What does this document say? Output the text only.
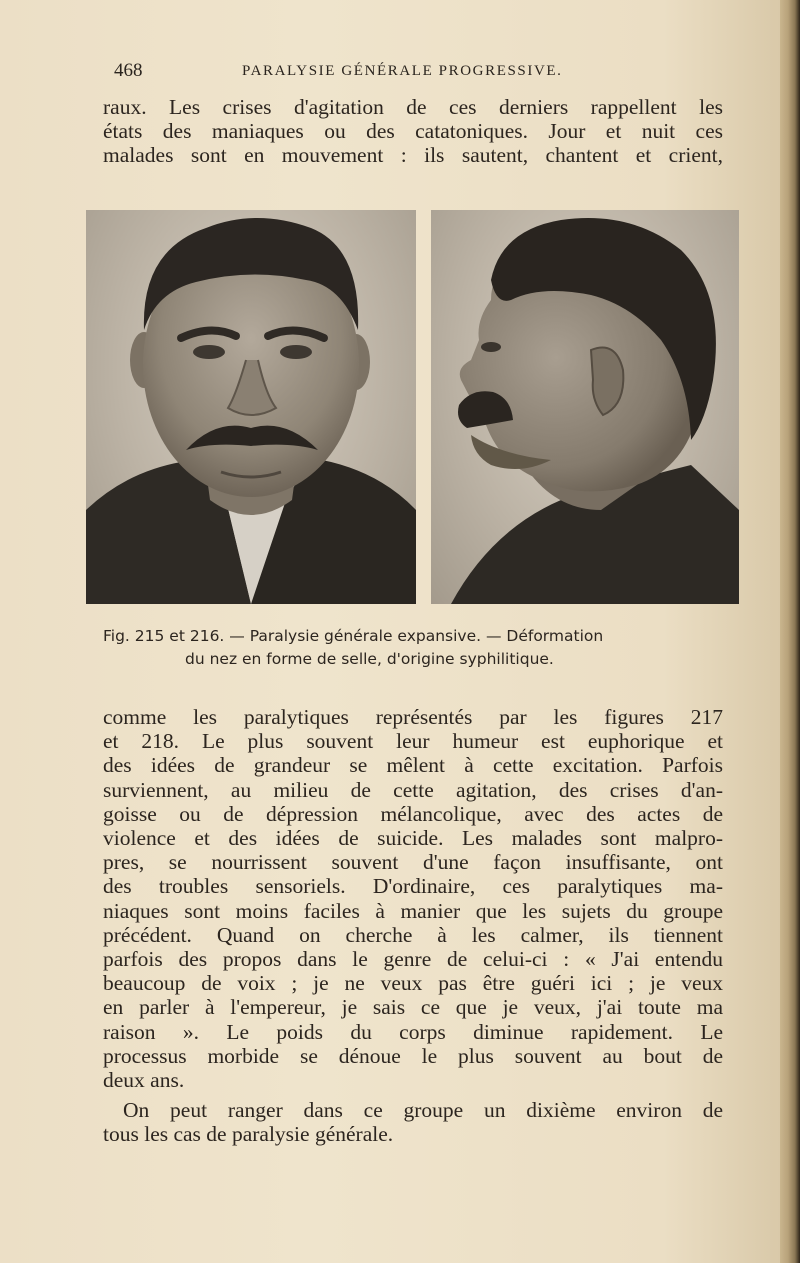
468	PARALYSIE GÉNÉRALE PROGRESSIVE.

raux. Les crises d'agitation de ces derniers rappellent les
états des maniaques ou des catatoniques. Jour et nuit ces
malades sont en mouvement : ils sautent, chantent et crient,

Fig. 215 et 216. — Paralysie générale expansive. — Déformation
du nez en forme de selle, d'origine syphilitique.

comme les paralytiques représentés par les figures 217
et 218. Le plus souvent leur humeur est euphorique et
des idées de grandeur se mêlent à cette excitation. Parfois
surviennent, au milieu de cette agitation, des crises d'an-
goisse ou de dépression mélancolique, avec des actes de
violence et des idées de suicide. Les malades sont malpro-
pres, se nourrissent souvent d'une façon insuffisante, ont
des troubles sensoriels. D'ordinaire, ces paralytiques ma-
niaques sont moins faciles à manier que les sujets du groupe
précédent. Quand on cherche à les calmer, ils tiennent
parfois des propos dans le genre de celui-ci : « J'ai entendu
beaucoup de voix ; je ne veux pas être guéri ici ; je veux
en parler à l'empereur, je sais ce que je veux, j'ai toute ma
raison ». Le poids du corps diminue rapidement. Le
processus morbide se dénoue le plus souvent au bout de
deux ans.

On peut ranger dans ce groupe un dixième environ de
tous les cas de paralysie générale.
